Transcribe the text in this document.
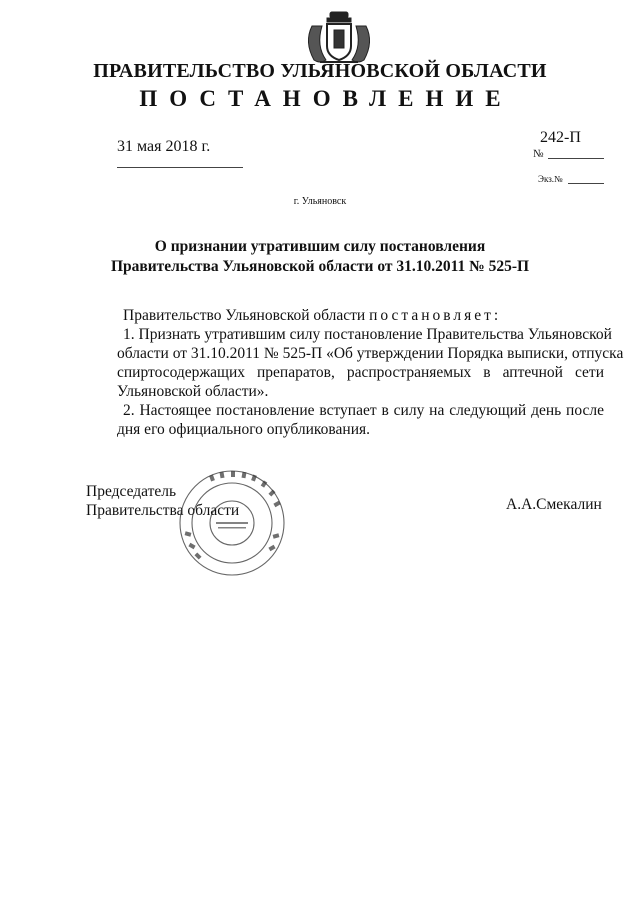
ПРАВИТЕЛЬСТВО УЛЬЯНОВСКОЙ ОБЛАСТИ
ПОСТАНОВЛЕНИЕ
31 мая 2018 г.
242-П
№
Экз.№
г. Ульяновск
О признании утратившим силу постановления
Правительства Ульяновской области от 31.10.2011 № 525-П
Правительство Ульяновской области постановляет:
1. Признать утратившим силу постановление Правительства Ульяновской
области от 31.10.2011 № 525-П «Об утверждении Порядка выписки, отпуска
спиртосодержащих препаратов, распространяемых в аптечной сети
Ульяновской области».
2. Настоящее постановление вступает в силу на следующий день после
дня его официального опубликования.
Председатель
Правительства области	А.А.Смекалин
